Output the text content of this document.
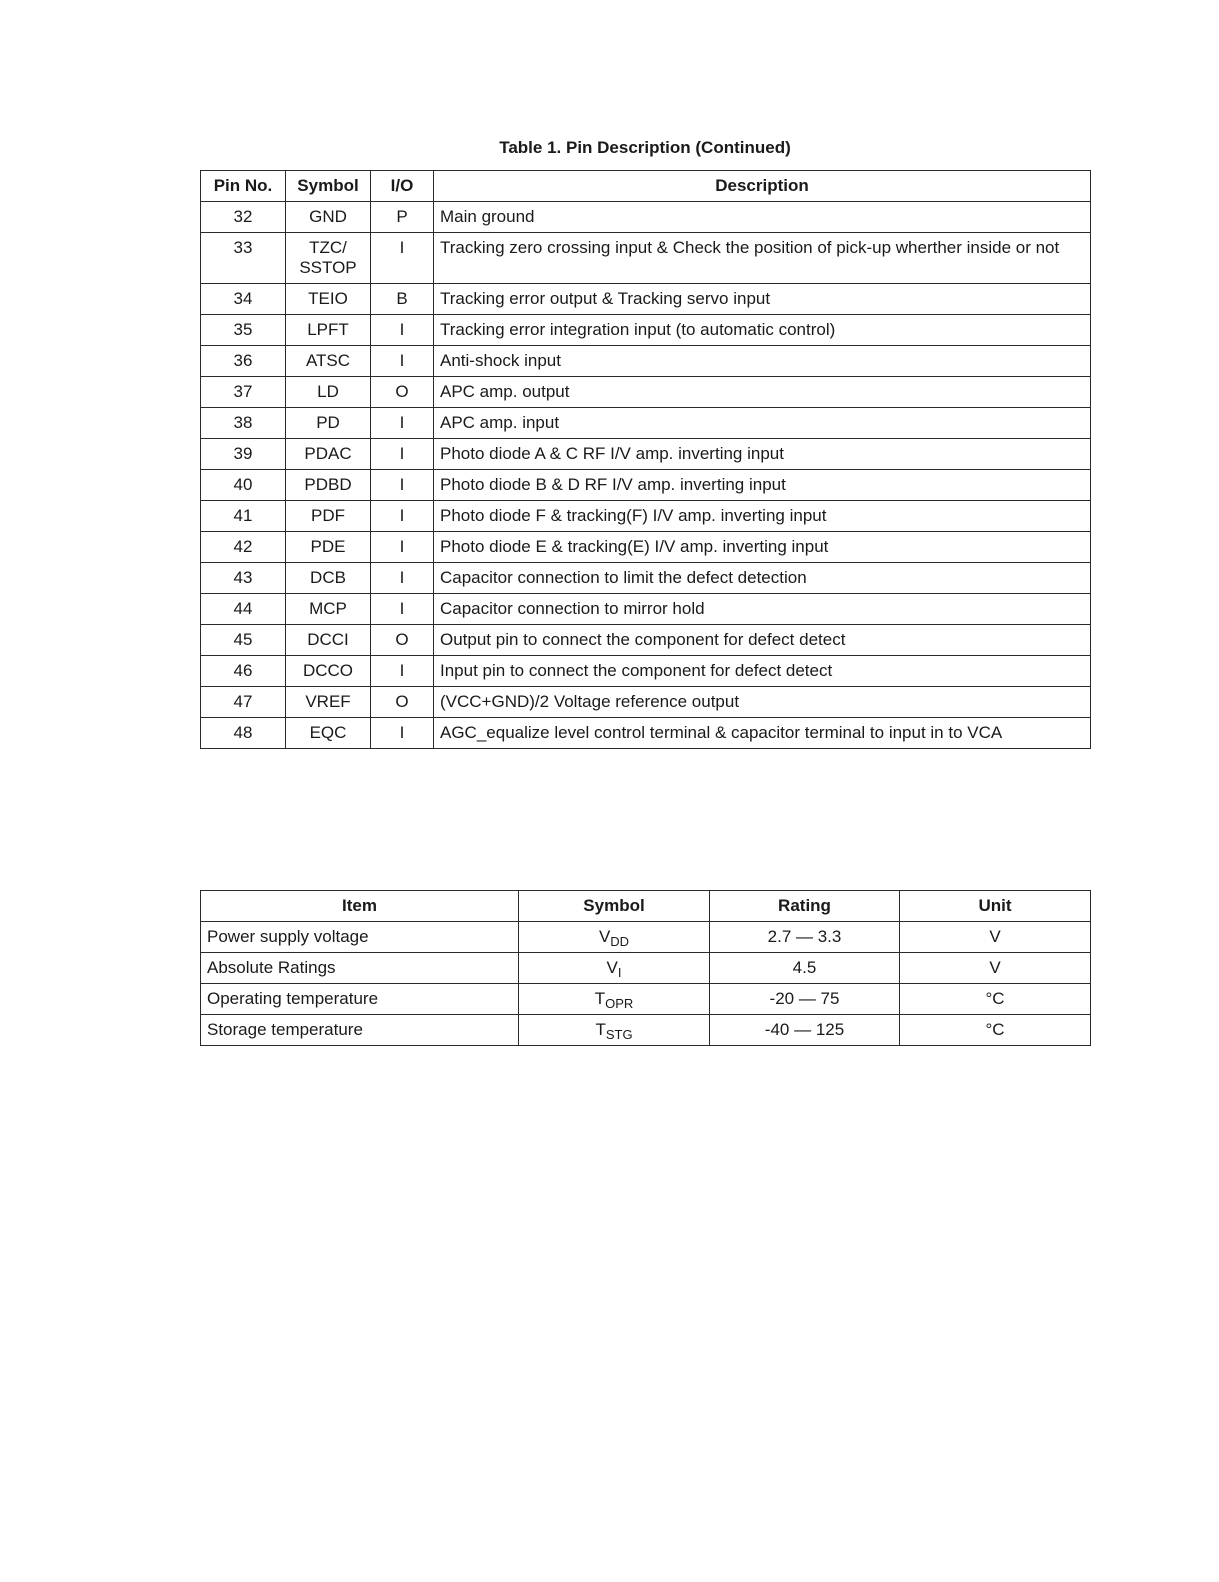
Table 1. Pin Description (Continued)
Pin No.	Symbol	I/O	Description
32	GND	P	Main ground
33	TZC/ SSTOP	I	Tracking zero crossing input & Check the position of pick-up wherther inside or not
34	TEIO	B	Tracking error output & Tracking servo input
35	LPFT	I	Tracking error integration input (to automatic control)
36	ATSC	I	Anti-shock input
37	LD	O	APC amp. output
38	PD	I	APC amp. input
39	PDAC	I	Photo diode A & C RF I/V amp. inverting input
40	PDBD	I	Photo diode B & D RF I/V amp. inverting input
41	PDF	I	Photo diode F & tracking(F) I/V amp. inverting input
42	PDE	I	Photo diode E & tracking(E) I/V amp. inverting input
43	DCB	I	Capacitor connection to limit the defect detection
44	MCP	I	Capacitor connection to mirror hold
45	DCCI	O	Output pin to connect the component for defect detect
46	DCCO	I	Input pin to connect the component for defect detect
47	VREF	O	(VCC+GND)/2 Voltage reference output
48	EQC	I	AGC_equalize level control terminal & capacitor terminal to input in to VCA
Item	Symbol	Rating	Unit
Power supply voltage	$V_{DD}$	2.7 — 3.3	V
Absolute Ratings	$V_I$	4.5	V
Operating temperature	$T_{OPR}$	-20 — 75	°C
Storage temperature	$T_{STG}$	-40 — 125	°C
